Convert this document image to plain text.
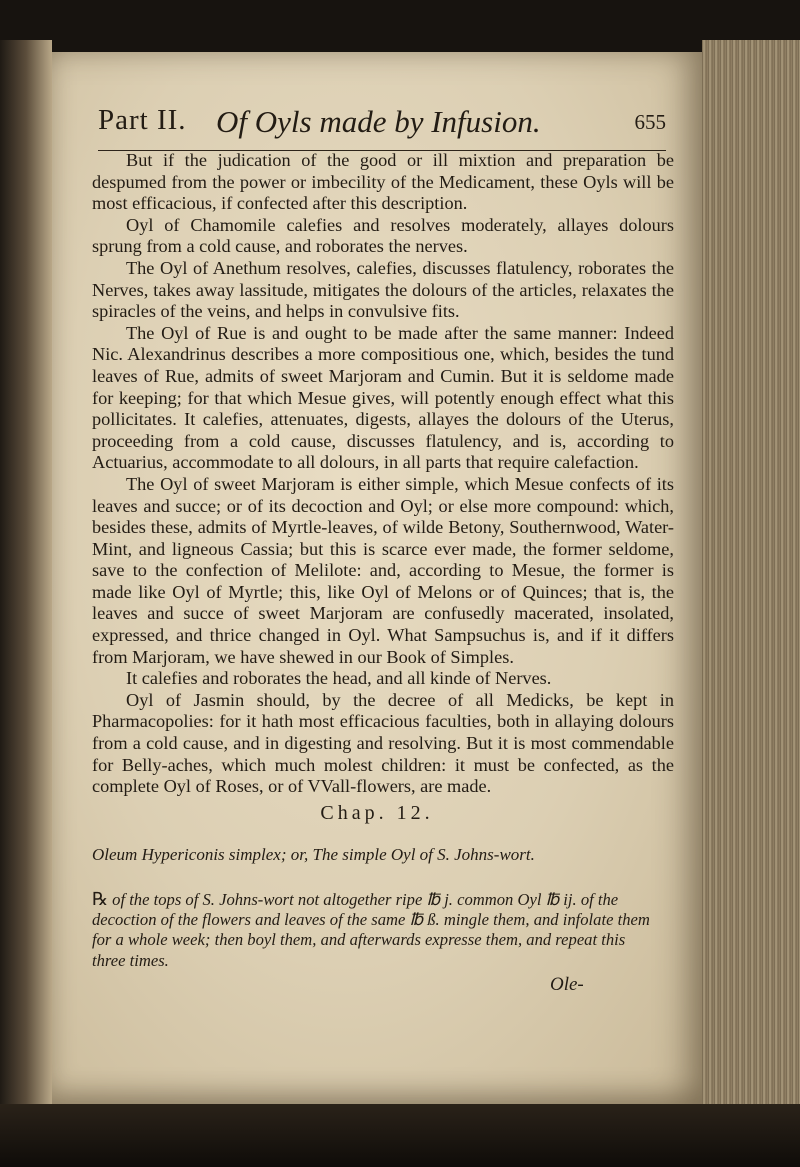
Part II. Of Oyls made by Infusion.	655

But if the judication of the good or ill mixtion and preparation be despumed from the power or imbecility of the Medicament, these Oyls will be most efficacious, if confected after this description.

Oyl of Chamomile calefies and resolves moderately, allayes dolours sprung from a cold cause, and roborates the nerves.

The Oyl of Anethum resolves, calefies, discusses flatulency, roborates the Nerves, takes away lassitude, mitigates the dolours of the articles, relaxates the spiracles of the veins, and helps in convulsive fits.

The Oyl of Rue is and ought to be made after the same manner: Indeed Nic. Alexandrinus describes a more compositious one, which, besides the tund leaves of Rue, admits of sweet Marjoram and Cumin. But it is seldome made for keeping; for that which Mesue gives, will potently enough effect what this pollicitates. It calefies, attenuates, digests, allayes the dolours of the Uterus, proceeding from a cold cause, discusses flatulency, and is, according to Actuarius, accommodate to all dolours, in all parts that require calefaction.

The Oyl of sweet Marjoram is either simple, which Mesue confects of its leaves and succe; or of its decoction and Oyl; or else more compound: which, besides these, admits of Myrtle-leaves, of wilde Betony, Southernwood, Water-Mint, and ligneous Cassia; but this is scarce ever made, the former seldome, save to the confection of Melilote: and, according to Mesue, the former is made like Oyl of Myrtle; this, like Oyl of Melons or of Quinces; that is, the leaves and succe of sweet Marjoram are confusedly macerated, insolated, expressed, and thrice changed in Oyl. What Sampsuchus is, and if it differs from Marjoram, we have shewed in our Book of Simples.

It calefies and roborates the head, and all kinde of Nerves.

Oyl of Jasmin should, by the decree of all Medicks, be kept in Pharmacopolies: for it hath most efficacious faculties, both in allaying dolours from a cold cause, and in digesting and resolving. But it is most commendable for Belly-aches, which much molest children: it must be confected, as the complete Oyl of Roses, or of VVall-flowers, are made.

Chap. 12.
Oleum Hypericonis simplex; or, The simple Oyl of S. Johns-wort.
℞ of the tops of S. Johns-wort not altogether ripe ℔ j. common Oyl ℔ ij. of the decoction of the flowers and leaves of the same ℔ ß. mingle them, and infolate them for a whole week; then boyl them, and afterwards expresse them, and repeat this three times.
Ole-
